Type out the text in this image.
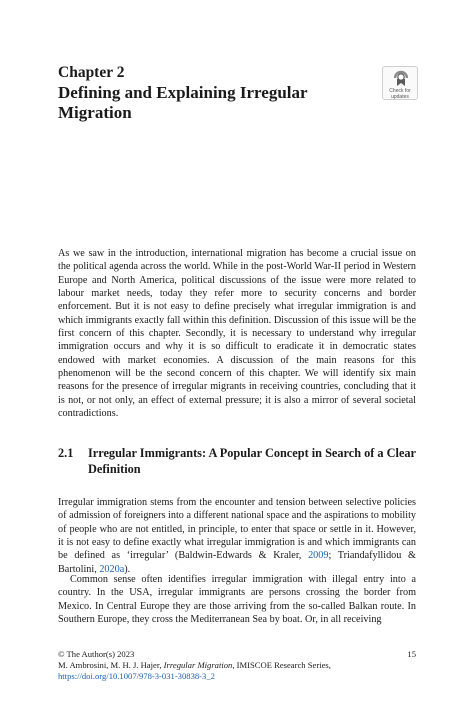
Chapter 2
Defining and Explaining Irregular Migration
Check for
updates

As we saw in the introduction, international migration has become a crucial issue on the political agenda across the world. While in the post-World War-II period in Western Europe and North America, political discussions of the issue were more related to labour market needs, today they refer more to security concerns and border enforcement. But it is not easy to define precisely what irregular immigration is and which immigrants exactly fall within this definition. Discussion of this issue will be the first concern of this chapter. Secondly, it is necessary to understand why irregular immigration occurs and why it is so difficult to eradicate it in democratic states endowed with market economies. A discussion of the main reasons for this phenomenon will be the second concern of this chapter. We will identify six main reasons for the presence of irregular migrants in receiving countries, concluding that it is not, or not only, an effect of external pressure; it is also a mirror of several societal contradictions.

2.1 Irregular Immigrants: A Popular Concept in Search of a Clear Definition

Irregular immigration stems from the encounter and tension between selective policies of admission of foreigners into a different national space and the aspirations to mobility of people who are not entitled, in principle, to enter that space or settle in it. However, it is not easy to define exactly what irregular immigration is and which immigrants can be defined as ‘irregular’ (Baldwin-Edwards & Kraler, 2009; Triandafyllidou & Bartolini, 2020a).

Common sense often identifies irregular immigration with illegal entry into a country. In the USA, irregular immigrants are persons crossing the border from Mexico. In Central Europe they are those arriving from the so-called Balkan route. In Southern Europe, they cross the Mediterranean Sea by boat. Or, in all receiving

© The Author(s) 2023	15
M. Ambrosini, M. H. J. Hajer, Irregular Migration, IMISCOE Research Series,
https://doi.org/10.1007/978-3-031-30838-3_2
